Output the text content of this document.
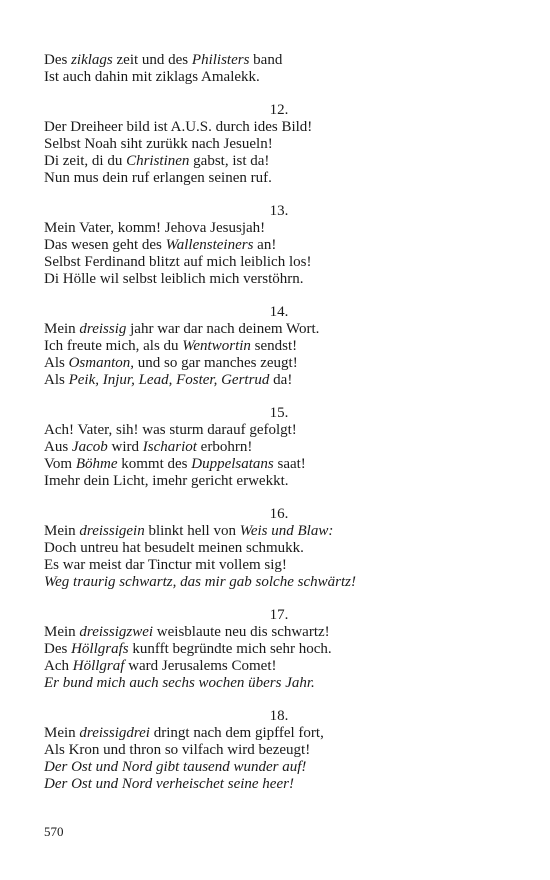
Des ziklags zeit und des Philisters band
Ist auch dahin mit ziklags Amalekk.
12.
Der Dreiheer bild ist A.U.S. durch ides Bild!
Selbst Noah siht zurükk nach Jesueln!
Di zeit, di du Christinen gabst, ist da!
Nun mus dein ruf erlangen seinen ruf.
13.
Mein Vater, komm! Jehova Jesusjah!
Das wesen geht des Wallensteiners an!
Selbst Ferdinand blitzt auf mich leiblich los!
Di Hölle wil selbst leiblich mich verstöhrn.
14.
Mein dreissig jahr war dar nach deinem Wort.
Ich freute mich, als du Wentwortin sendst!
Als Osmanton, und so gar manches zeugt!
Als Peik, Injur, Lead, Foster, Gertrud da!
15.
Ach! Vater, sih! was sturm darauf gefolgt!
Aus Jacob wird Ischariot erbohrn!
Vom Böhme kommt des Duppelsatans saat!
Imehr dein Licht, imehr gericht erwekkt.
16.
Mein dreissigein blinkt hell von Weis und Blaw:
Doch untreu hat besudelt meinen schmukk.
Es war meist dar Tinctur mit vollem sig!
Weg traurig schwartz, das mir gab solche schwärtz!
17.
Mein dreissigzwei weisblaute neu dis schwartz!
Des Höllgrafs kunfft begründte mich sehr hoch.
Ach Höllgraf ward Jerusalems Comet!
Er bund mich auch sechs wochen übers Jahr.
18.
Mein dreissigdrei dringt nach dem gipffel fort,
Als Kron und thron so vilfach wird bezeugt!
Der Ost und Nord gibt tausend wunder auf!
Der Ost und Nord verheischet seine heer!
570
